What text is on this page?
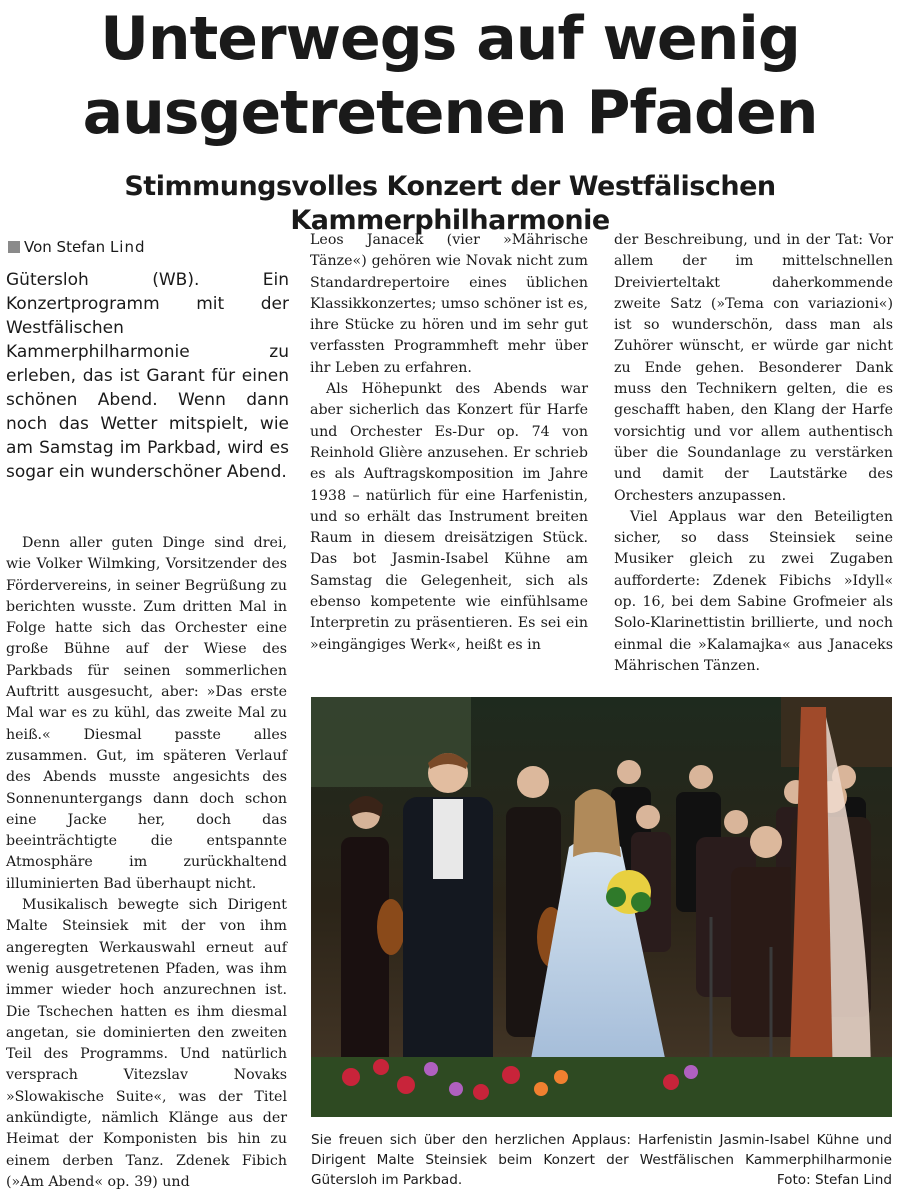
Unterwegs auf wenig
ausgetretenen Pfaden
Stimmungsvolles Konzert der Westfälischen Kammerphilharmonie
Von Stefan Lind

Gütersloh (WB). Ein Konzertprogramm mit der Westfälischen Kammerphilharmonie zu erleben, das ist Garant für einen schönen Abend. Wenn dann noch das Wetter mitspielt, wie am Samstag im Parkbad, wird es sogar ein wunderschöner Abend.

Denn aller guten Dinge sind drei, wie Volker Wilmking, Vorsitzender des Fördervereins, in seiner Begrüßung zu berichten wusste. Zum dritten Mal in Folge hatte sich das Orchester eine große Bühne auf der Wiese des Parkbads für seinen sommerlichen Auftritt ausgesucht, aber: »Das erste Mal war es zu kühl, das zweite Mal zu heiß.« Diesmal passte alles zusammen. Gut, im späteren Verlauf des Abends musste angesichts des Sonnenuntergangs dann doch schon eine Jacke her, doch das beeinträchtigte die entspannte Atmosphäre im zurückhaltend illuminierten Bad überhaupt nicht.

Musikalisch bewegte sich Dirigent Malte Steinsiek mit der von ihm angeregten Werkauswahl erneut auf wenig ausgetretenen Pfaden, was ihm immer wieder hoch anzurechnen ist. Die Tschechen hatten es ihm diesmal angetan, sie dominierten den zweiten Teil des Programms. Und natürlich versprach Vitezslav Novaks »Slowakische Suite«, was der Titel ankündigte, nämlich Klänge aus der Heimat der Komponisten bis hin zu einem derben Tanz. Zdenek Fibich (»Am Abend« op. 39) und

Leos Janacek (vier »Mährische Tänze«) gehören wie Novak nicht zum Standardrepertoire eines üblichen Klassikkonzertes; umso schöner ist es, ihre Stücke zu hören und im sehr gut verfassten Programmheft mehr über ihr Leben zu erfahren.

Als Höhepunkt des Abends war aber sicherlich das Konzert für Harfe und Orchester Es-Dur op. 74 von Reinhold Glière anzusehen. Er schrieb es als Auftragskomposition im Jahre 1938 – natürlich für eine Harfenistin, und so erhält das Instrument breiten Raum in diesem dreisätzigen Stück. Das bot Jasmin-Isabel Kühne am Samstag die Gelegenheit, sich als ebenso kompetente wie einfühlsame Interpretin zu präsentieren. Es sei ein »eingängiges Werk«, heißt es in

der Beschreibung, und in der Tat: Vor allem der im mittelschnellen Dreivierteltakt daherkommende zweite Satz (»Tema con variazioni«) ist so wunderschön, dass man als Zuhörer wünscht, er würde gar nicht zu Ende gehen. Besonderer Dank muss den Technikern gelten, die es geschafft haben, den Klang der Harfe vorsichtig und vor allem authentisch über die Soundanlage zu verstärken und damit der Lautstärke des Orchesters anzupassen.

Viel Applaus war den Beteiligten sicher, so dass Steinsiek seine Musiker gleich zu zwei Zugaben aufforderte: Zdenek Fibichs »Idyll« op. 16, bei dem Sabine Grofmeier als Solo-Klarinettistin brillierte, und noch einmal die »Kalamajka« aus Janaceks Mährischen Tänzen.

Sie freuen sich über den herzlichen Applaus: Harfenistin Jasmin-Isabel Kühne und Dirigent Malte Steinsiek beim Konzert der Westfälischen Kammerphilharmonie Gütersloh im Parkbad.	Foto: Stefan Lind
